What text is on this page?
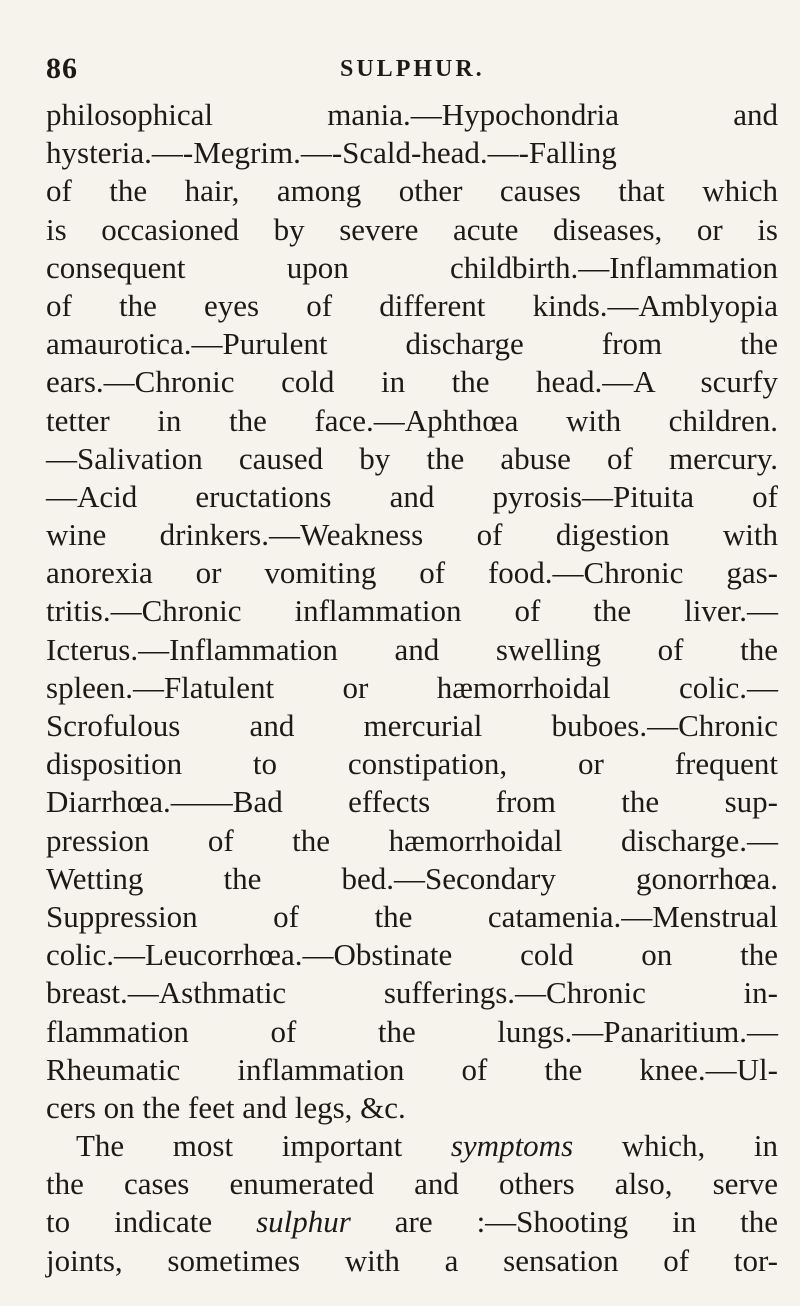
86	SULPHUR.
philosophical mania.—Hypochondria and
hysteria.—-Megrim.—-Scald-head.—-Falling
of the hair, among other causes that which
is occasioned by severe acute diseases, or is
consequent upon childbirth.—Inflammation
of the eyes of different kinds.—Amblyopia
amaurotica.—Purulent discharge from the
ears.—Chronic cold in the head.—A scurfy
tetter in the face.—Aphthœa with children.
—Salivation caused by the abuse of mercury.
—Acid eructations and pyrosis—Pituita of
wine drinkers.—Weakness of digestion with
anorexia or vomiting of food.—Chronic gas-
tritis.—Chronic inflammation of the liver.—
Icterus.—Inflammation and swelling of the
spleen.—Flatulent or hæmorrhoidal colic.—
Scrofulous and mercurial buboes.—Chronic
disposition to constipation, or frequent
Diarrhœa.——Bad effects from the sup-
pression of the hæmorrhoidal discharge.—
Wetting the bed.—Secondary gonorrhœa.
Suppression of the catamenia.—Menstrual
colic.—Leucorrhœa.—Obstinate cold on the
breast.—Asthmatic sufferings.—Chronic in-
flammation of the lungs.—Panaritium.—
Rheumatic inflammation of the knee.—Ul-
cers on the feet and legs, &c.
The most important symptoms which, in
the cases enumerated and others also, serve
to indicate sulphur are :—Shooting in the
joints, sometimes with a sensation of tor-
